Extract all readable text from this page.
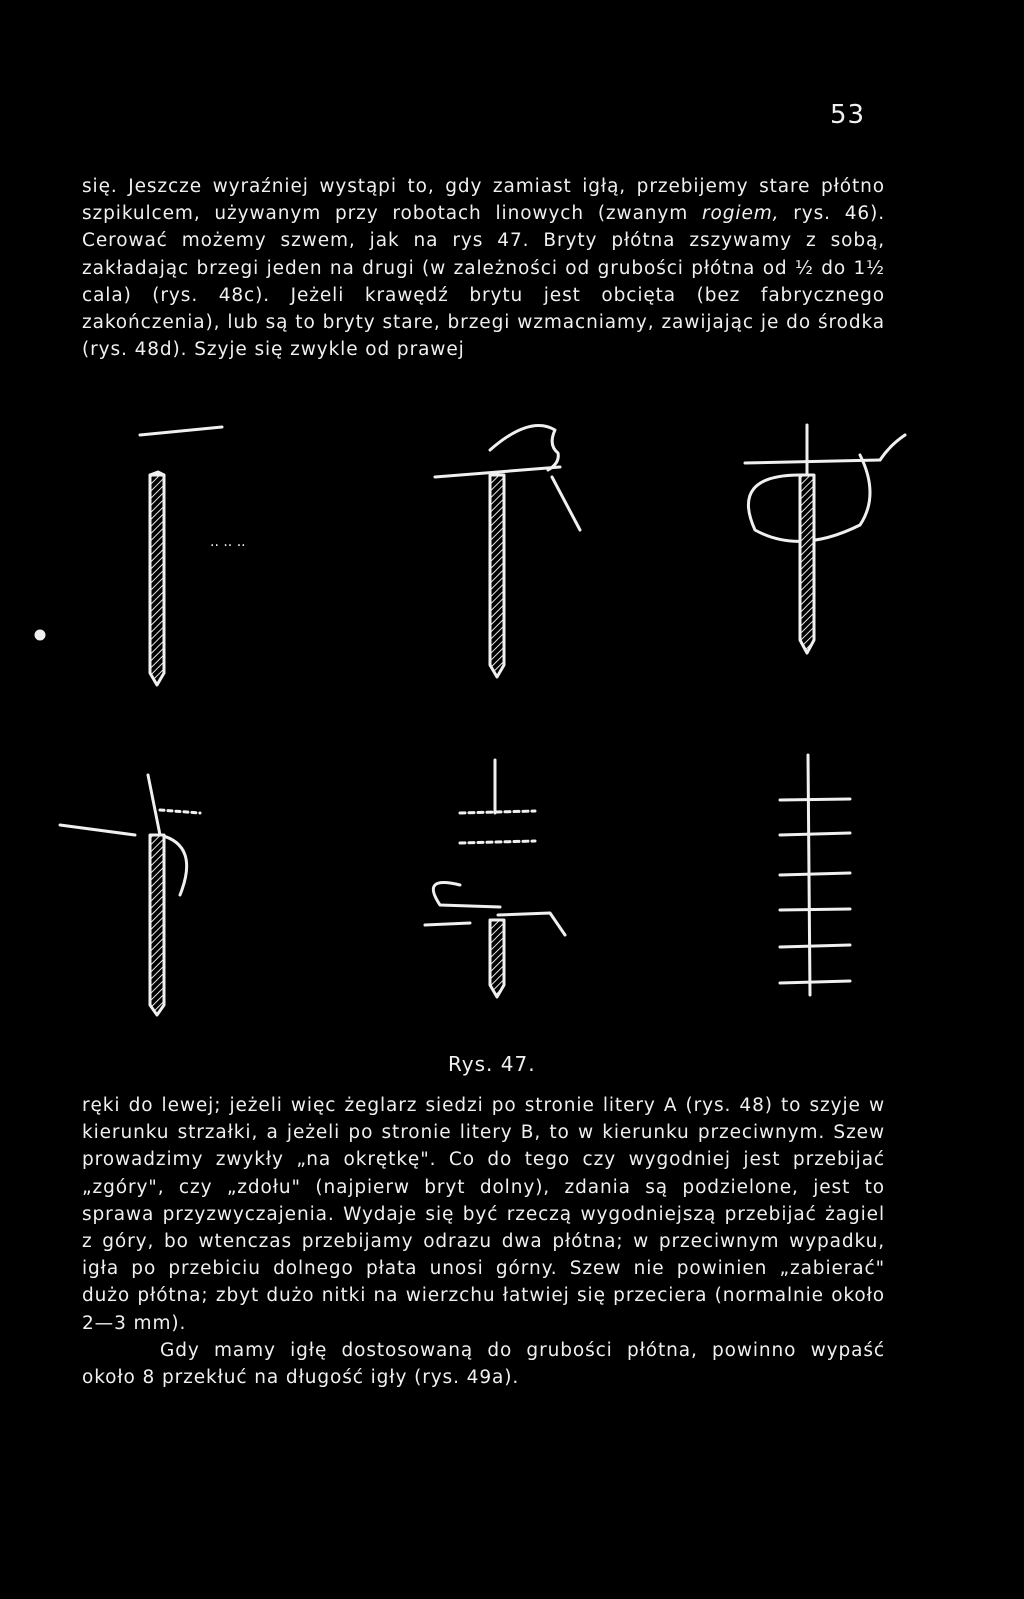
53

się. Jeszcze wyraźniej wystąpi to, gdy zamiast igłą, przebijemy stare płótno szpikulcem, używanym przy robotach linowych (zwanym rogiem, rys. 46). Cerować możemy szwem, jak na rys 47. Bryty płótna zszywamy z sobą, zakładając brzegi jeden na drugi (w zależności od grubości płótna od ½ do 1½ cala) (rys. 48c). Jeżeli krawędź brytu jest obcięta (bez fabrycznego zakończenia), lub są to bryty stare, brzegi wzmacniamy, zawijając je do środka (rys. 48d). Szyje się zwykle od prawej

·· ·· ··
Rys. 47.

ręki do lewej; jeżeli więc żeglarz siedzi po stronie litery A (rys. 48) to szyje w kierunku strzałki, a jeżeli po stronie litery B, to w kierunku przeciwnym. Szew prowadzimy zwykły „na okrętkę". Co do tego czy wygodniej jest przebijać „zgóry", czy „zdołu" (najpierw bryt dolny), zdania są podzielone, jest to sprawa przyzwyczajenia. Wydaje się być rzeczą wygodniejszą przebijać żagiel z góry, bo wtenczas przebijamy odrazu dwa płótna; w przeciwnym wypadku, igła po przebiciu dolnego płata unosi górny. Szew nie powinien „zabierać" dużo płótna; zbyt dużo nitki na wierzchu łatwiej się przeciera (normalnie około 2—3 mm).

Gdy mamy igłę dostosowaną do grubości płótna, powinno wypaść około 8 przekłuć na długość igły (rys. 49a).
